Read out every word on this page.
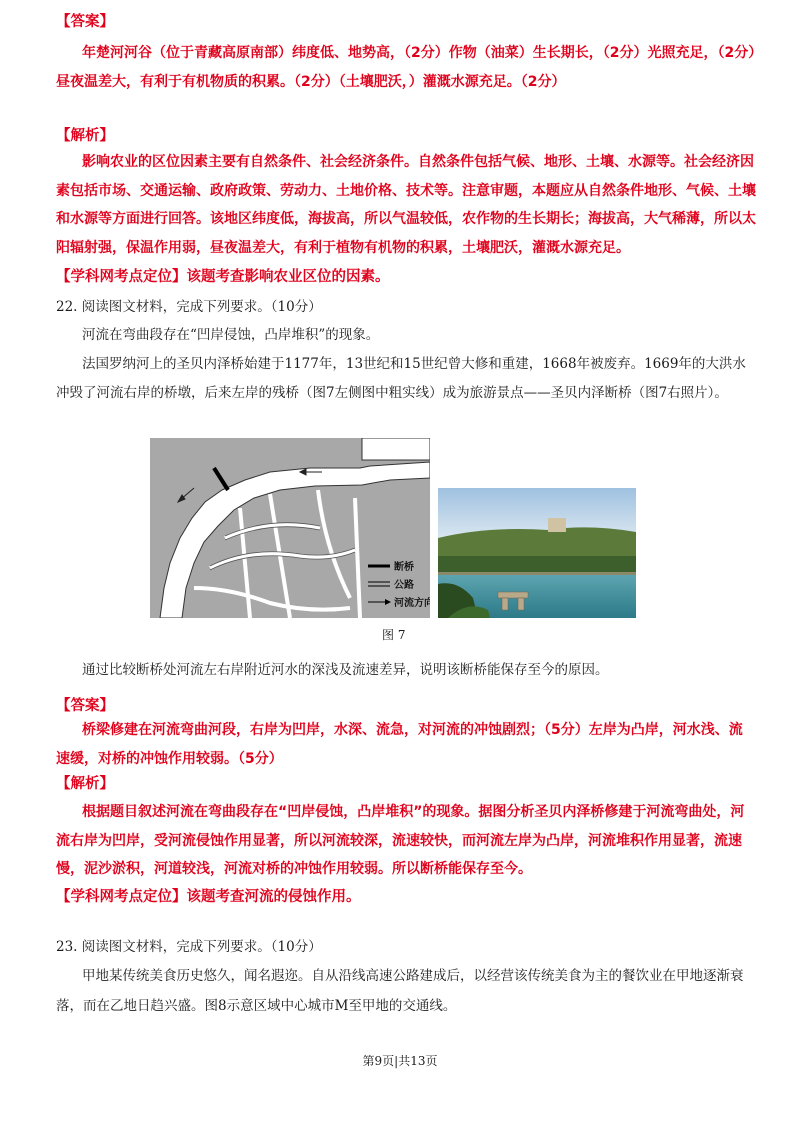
【答案】
年楚河河谷（位于青藏高原南部）纬度低、地势高，（2分）作物（油菜）生长期长，（2分）光照充足，（2分）昼夜温差大，有利于有机物质的积累。（2分）（土壤肥沃，）灌溉水源充足。（2分）
【解析】
影响农业的区位因素主要有自然条件、社会经济条件。自然条件包括气候、地形、土壤、水源等。社会经济因素包括市场、交通运输、政府政策、劳动力、土地价格、技术等。注意审题，本题应从自然条件地形、气候、土壤和水源等方面进行回答。该地区纬度低，海拔高，所以气温较低，农作物的生长期长；海拔高，大气稀薄，所以太阳辐射强，保温作用弱，昼夜温差大，有利于植物有机物的积累，土壤肥沃，灌溉水源充足。
【学科网考点定位】该题考查影响农业区位的因素。
22. 阅读图文材料，完成下列要求。（10分）
河流在弯曲段存在“凹岸侵蚀，凸岸堆积”的现象。
法国罗纳河上的圣贝内泽桥始建于1177年，13世纪和15世纪曾大修和重建，1668年被废弃。1669年的大洪水冲毁了河流右岸的桥墩，后来左岸的残桥（图7左侧图中粗实线）成为旅游景点——圣贝内泽断桥（图7右照片）。
断桥
公路
河流方向
图 7
通过比较断桥处河流左右岸附近河水的深浅及流速差异，说明该断桥能保存至今的原因。
【答案】
桥梁修建在河流弯曲河段，右岸为凹岸，水深、流急，对河流的冲蚀剧烈；（5分）左岸为凸岸，河水浅、流速缓，对桥的冲蚀作用较弱。（5分）
【解析】
根据题目叙述河流在弯曲段存在“凹岸侵蚀，凸岸堆积”的现象。据图分析圣贝内泽桥修建于河流弯曲处，河流右岸为凹岸，受河流侵蚀作用显著，所以河流较深，流速较快，而河流左岸为凸岸，河流堆积作用显著，流速慢，泥沙淤积，河道较浅，河流对桥的冲蚀作用较弱。所以断桥能保存至今。
【学科网考点定位】该题考查河流的侵蚀作用。
23. 阅读图文材料，完成下列要求。（10分）
甲地某传统美食历史悠久，闻名遐迩。自从沿线高速公路建成后，以经营该传统美食为主的餐饮业在甲地逐渐衰落，而在乙地日趋兴盛。图8示意区域中心城市M至甲地的交通线。
第9页|共13页
